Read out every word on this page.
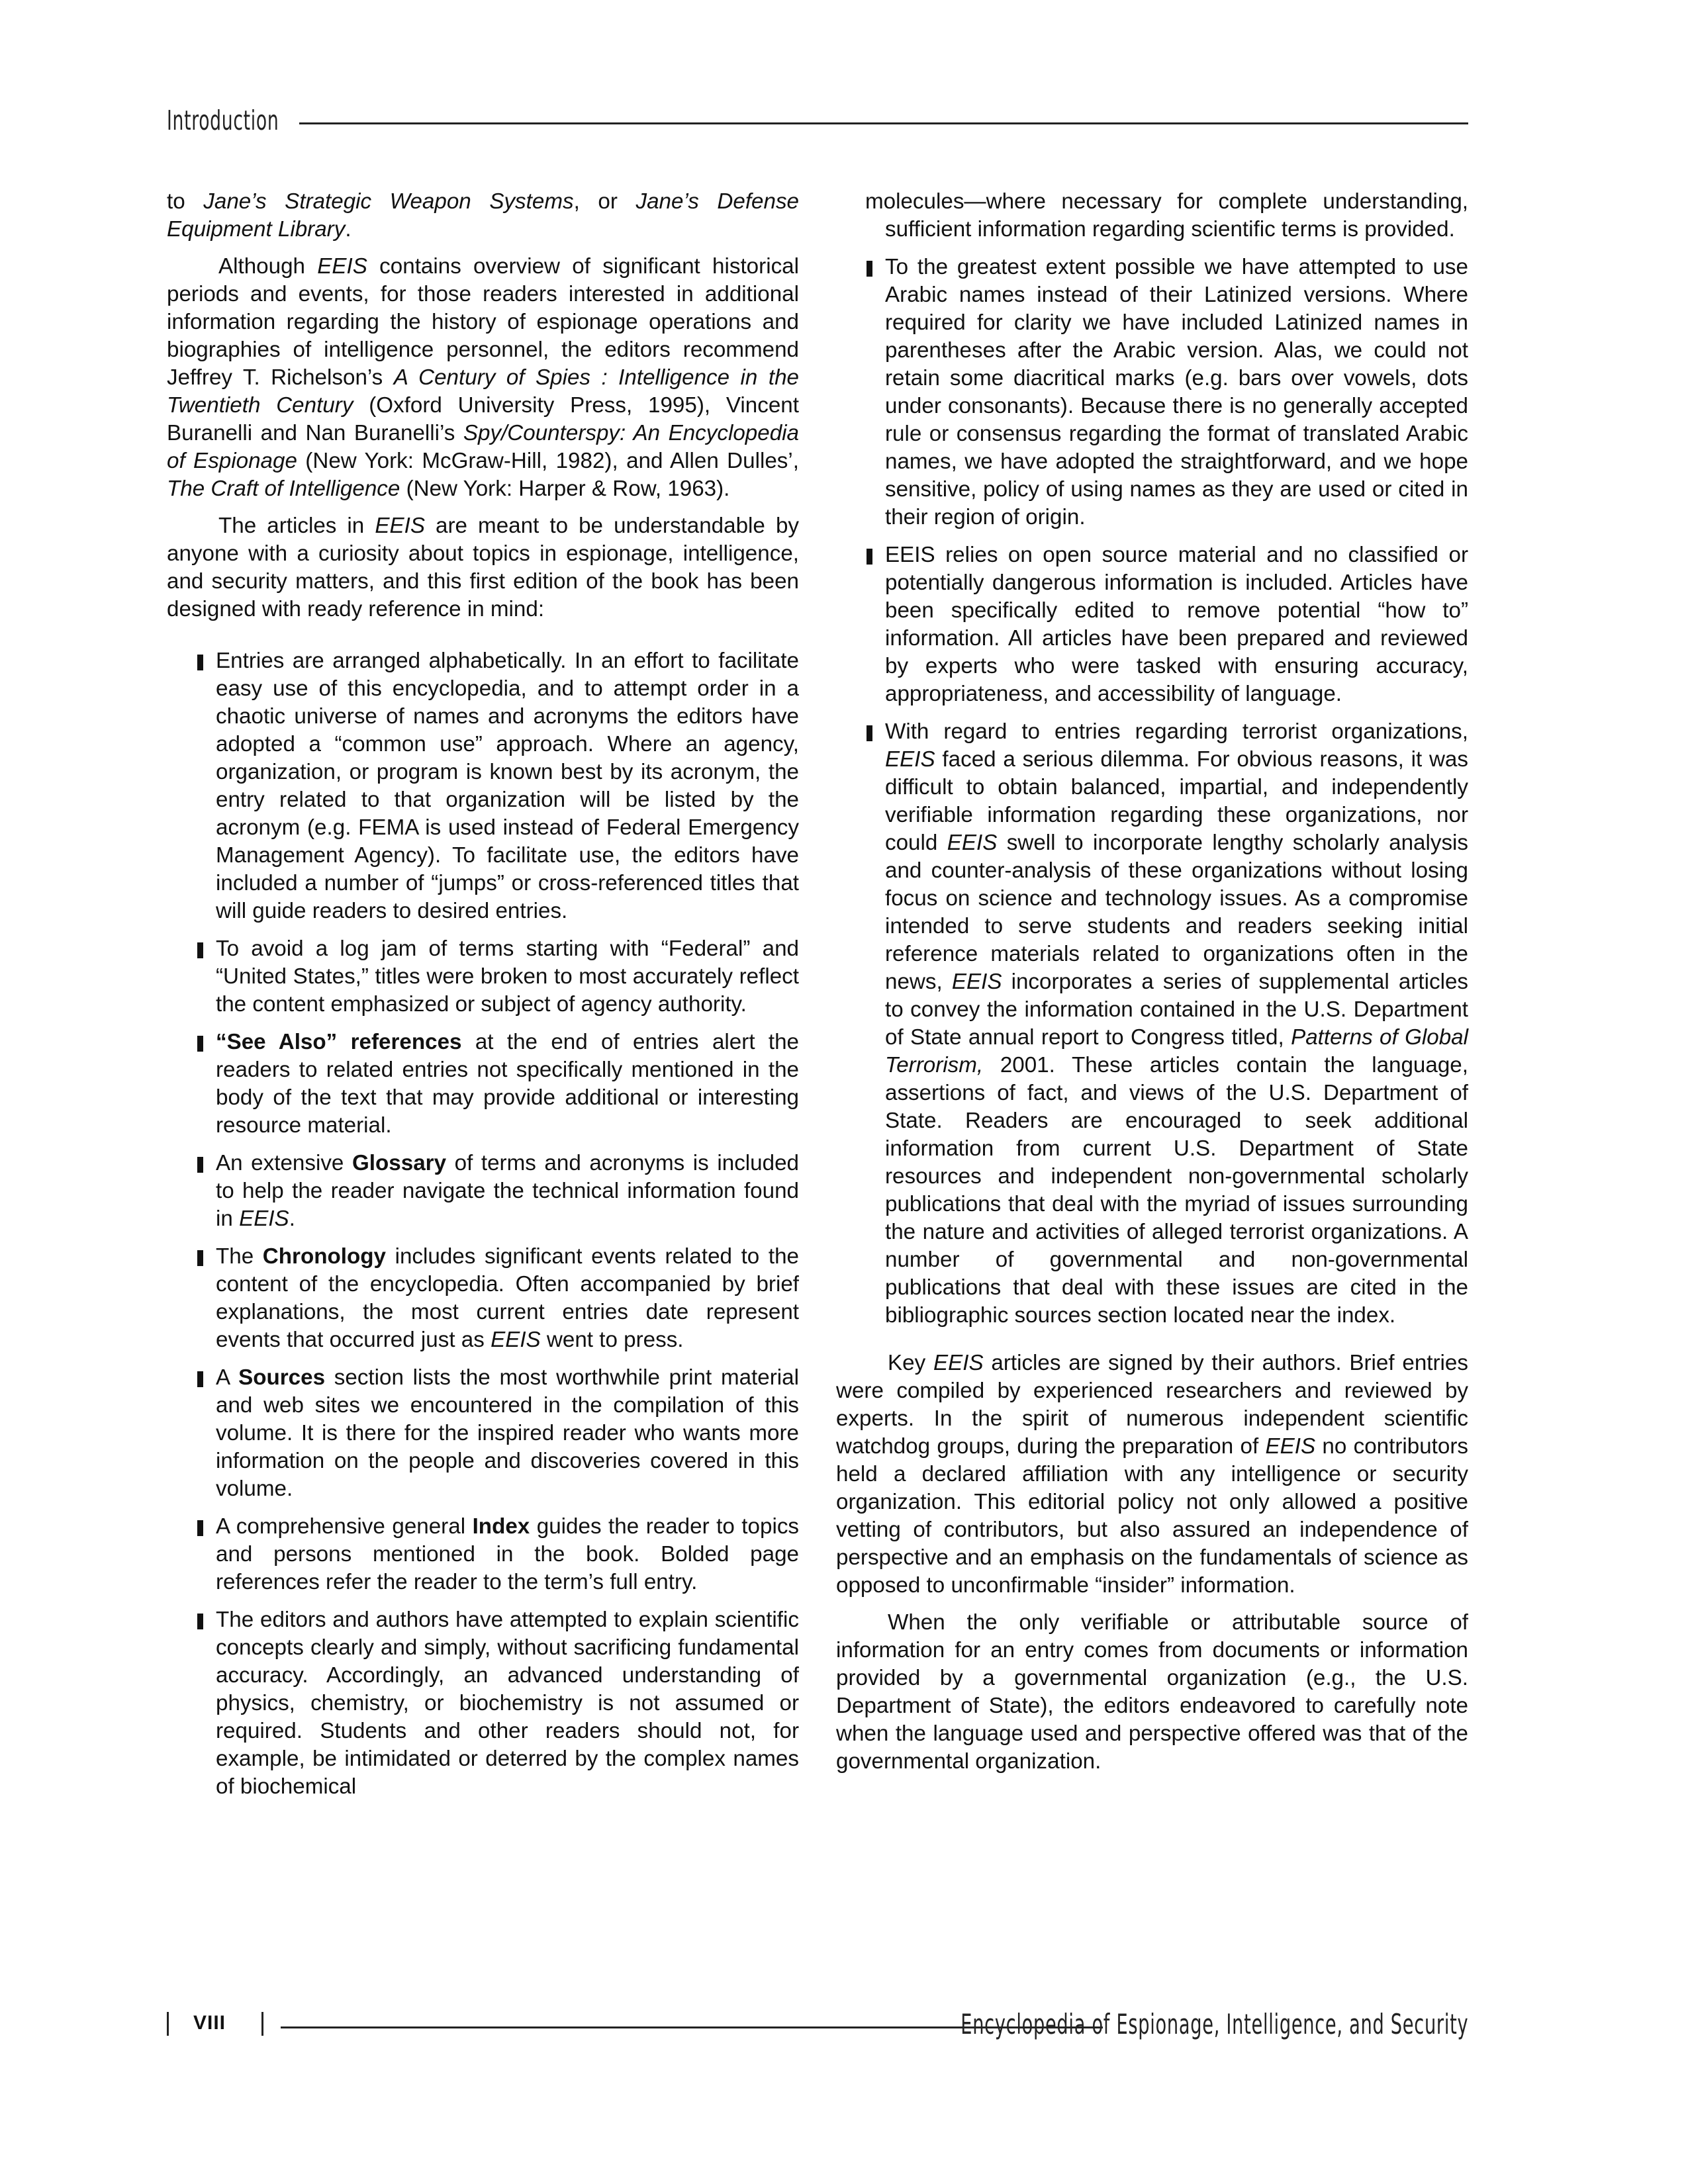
Introduction

to Jane’s Strategic Weapon Systems, or Jane’s Defense Equipment Library.

Although EEIS contains overview of significant historical periods and events, for those readers interested in additional information regarding the history of espionage operations and biographies of intelligence personnel, the editors recommend Jeffrey T. Richelson’s A Century of Spies : Intelligence in the Twentieth Century (Oxford University Press, 1995), Vincent Buranelli and Nan Buranelli’s Spy/Counterspy: An Encyclopedia of Espionage (New York: McGraw-Hill, 1982), and Allen Dulles’, The Craft of Intelligence (New York: Harper & Row, 1963).

The articles in EEIS are meant to be understandable by anyone with a curiosity about topics in espionage, intelligence, and security matters, and this first edition of the book has been designed with ready reference in mind:

Entries are arranged alphabetically. In an effort to facilitate easy use of this encyclopedia, and to attempt order in a chaotic universe of names and acronyms the editors have adopted a “common use” approach. Where an agency, organization, or program is known best by its acronym, the entry related to that organization will be listed by the acronym (e.g. FEMA is used instead of Federal Emergency Management Agency). To facilitate use, the editors have included a number of “jumps” or cross-referenced titles that will guide readers to desired entries.
To avoid a log jam of terms starting with “Federal” and “United States,” titles were broken to most accurately reflect the content emphasized or subject of agency authority.
“See Also” references at the end of entries alert the readers to related entries not specifically mentioned in the body of the text that may provide additional or interesting resource material.
An extensive Glossary of terms and acronyms is included to help the reader navigate the technical information found in EEIS.
The Chronology includes significant events related to the content of the encyclopedia. Often accompanied by brief explanations, the most current entries date represent events that occurred just as EEIS went to press.
A Sources section lists the most worthwhile print material and web sites we encountered in the compilation of this volume. It is there for the inspired reader who wants more information on the people and discoveries covered in this volume.
A comprehensive general Index guides the reader to topics and persons mentioned in the book. Bolded page references refer the reader to the term’s full entry.
The editors and authors have attempted to explain scientific concepts clearly and simply, without sacrificing fundamental accuracy. Accordingly, an advanced understanding of physics, chemistry, or biochemistry is not assumed or required. Students and other readers should not, for example, be intimidated or deterred by the complex names of biochemical
molecules—where necessary for complete understanding, sufficient information regarding scientific terms is provided.
To the greatest extent possible we have attempted to use Arabic names instead of their Latinized versions. Where required for clarity we have included Latinized names in parentheses after the Arabic version. Alas, we could not retain some diacritical marks (e.g. bars over vowels, dots under consonants). Because there is no generally accepted rule or consensus regarding the format of translated Arabic names, we have adopted the straightforward, and we hope sensitive, policy of using names as they are used or cited in their region of origin.
EEIS relies on open source material and no classified or potentially dangerous information is included. Articles have been specifically edited to remove potential “how to” information. All articles have been prepared and reviewed by experts who were tasked with ensuring accuracy, appropriateness, and accessibility of language.
With regard to entries regarding terrorist organizations, EEIS faced a serious dilemma. For obvious reasons, it was difficult to obtain balanced, impartial, and independently verifiable information regarding these organizations, nor could EEIS swell to incorporate lengthy scholarly analysis and counter-analysis of these organizations without losing focus on science and technology issues. As a compromise intended to serve students and readers seeking initial reference materials related to organizations often in the news, EEIS incorporates a series of supplemental articles to convey the information contained in the U.S. Department of State annual report to Congress titled, Patterns of Global Terrorism, 2001. These articles contain the language, assertions of fact, and views of the U.S. Department of State. Readers are encouraged to seek additional information from current U.S. Department of State resources and independent non-governmental scholarly publications that deal with the myriad of issues surrounding the nature and activities of alleged terrorist organizations. A number of governmental and non-governmental publications that deal with these issues are cited in the bibliographic sources section located near the index.

Key EEIS articles are signed by their authors. Brief entries were compiled by experienced researchers and reviewed by experts. In the spirit of numerous independent scientific watchdog groups, during the preparation of EEIS no contributors held a declared affiliation with any intelligence or security organization. This editorial policy not only allowed a positive vetting of contributors, but also assured an independence of perspective and an emphasis on the fundamentals of science as opposed to unconfirmable “insider” information.

When the only verifiable or attributable source of information for an entry comes from documents or information provided by a governmental organization (e.g., the U.S. Department of State), the editors endeavored to carefully note when the language used and perspective offered was that of the governmental organization.

VIII	Encyclopedia of Espionage, Intelligence, and Security
